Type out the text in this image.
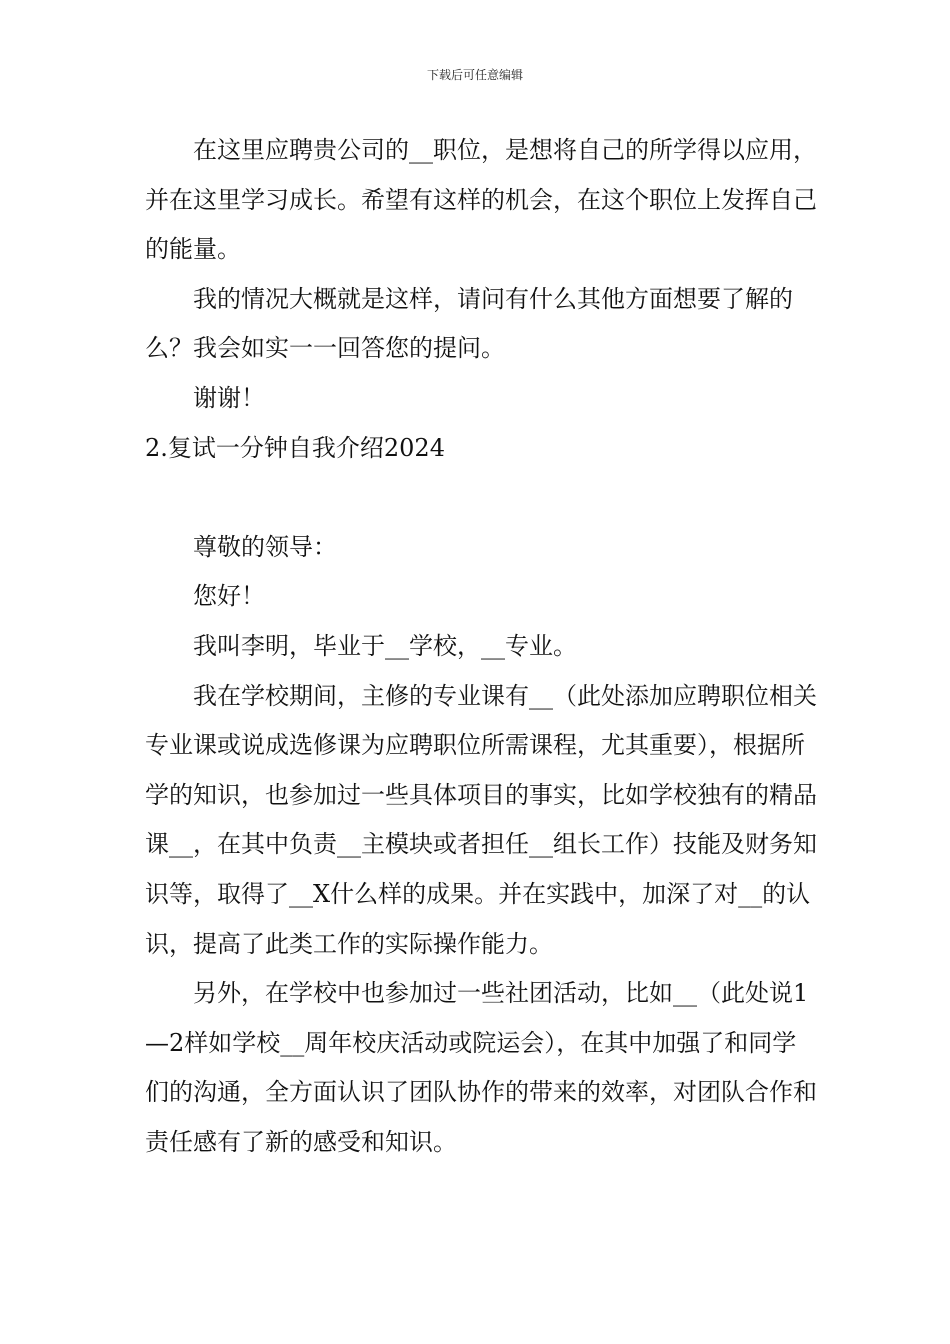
下载后可任意编辑

在这里应聘贵公司的__职位，是想将自己的所学得以应用，并在这里学习成长。希望有这样的机会，在这个职位上发挥自己的能量。

我的情况大概就是这样，请问有什么其他方面想要了解的么？我会如实一一回答您的提问。

谢谢！

2.复试一分钟自我介绍2024

尊敬的领导：

您好！

我叫李明，毕业于__学校，__专业。

我在学校期间，主修的专业课有__（此处添加应聘职位相关专业课或说成选修课为应聘职位所需课程，尤其重要），根据所学的知识，也参加过一些具体项目的事实，比如学校独有的精品课__，在其中负责__主模块或者担任__组长工作）技能及财务知识等，取得了__X什么样的成果。并在实践中，加深了对__的认识，提高了此类工作的实际操作能力。

另外，在学校中也参加过一些社团活动，比如__（此处说1—2样如学校__周年校庆活动或院运会），在其中加强了和同学们的沟通，全方面认识了团队协作的带来的效率，对团队合作和责任感有了新的感受和知识。
